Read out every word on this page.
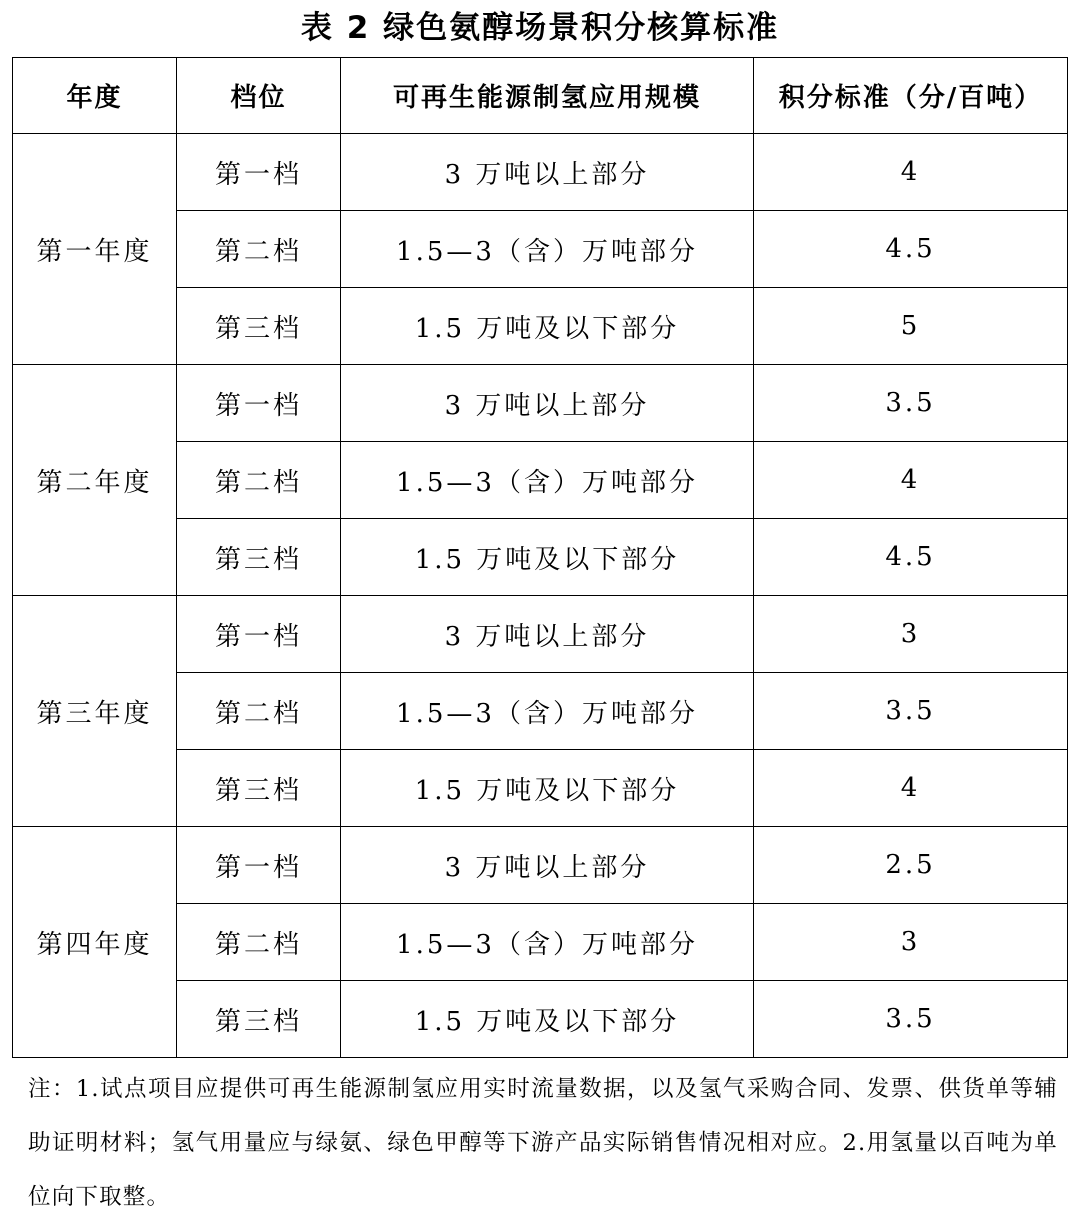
表 2 绿色氨醇场景积分核算标准
年度	档位	可再生能源制氢应用规模	积分标准（分/百吨）
第一年度	第一档	3 万吨以上部分	4
	第二档	1.5—3（含）万吨部分	4.5
	第三档	1.5 万吨及以下部分	5
第二年度	第一档	3 万吨以上部分	3.5
	第二档	1.5—3（含）万吨部分	4
	第三档	1.5 万吨及以下部分	4.5
第三年度	第一档	3 万吨以上部分	3
	第二档	1.5—3（含）万吨部分	3.5
	第三档	1.5 万吨及以下部分	4
第四年度	第一档	3 万吨以上部分	2.5
	第二档	1.5—3（含）万吨部分	3
	第三档	1.5 万吨及以下部分	3.5
注：1.试点项目应提供可再生能源制氢应用实时流量数据，以及氢气采购合同、发票、供货单等辅助证明材料；氢气用量应与绿氨、绿色甲醇等下游产品实际销售情况相对应。2.用氢量以百吨为单位向下取整。
